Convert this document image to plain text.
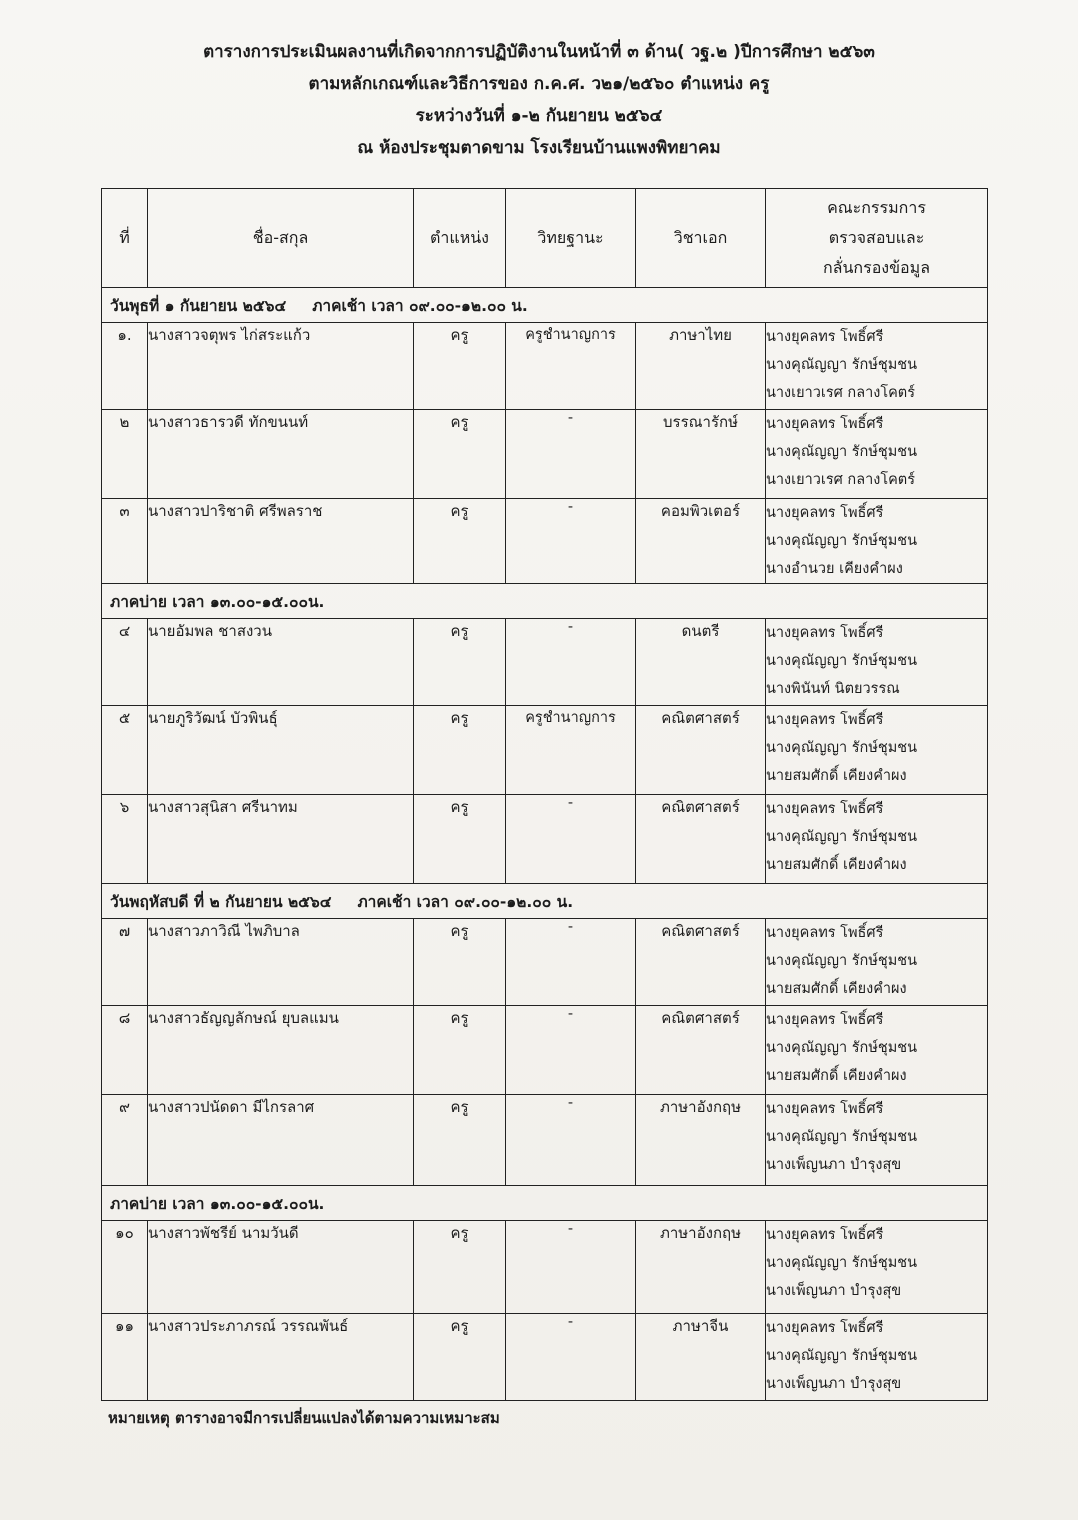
ตารางการประเมินผลงานที่เกิดจากการปฏิบัติงานในหน้าที่ ๓ ด้าน( วฐ.๒ )ปีการศึกษา ๒๕๖๓
ตามหลักเกณฑ์และวิธีการของ ก.ค.ศ. ว๒๑/๒๕๖๐ ตำแหน่ง ครู
ระหว่างวันที่ ๑-๒ กันยายน ๒๕๖๔
ณ ห้องประชุมตาดขาม โรงเรียนบ้านแพงพิทยาคม
ที่	ชื่อ-สกุล	ตำแหน่ง	วิทยฐานะ	วิชาเอก	คณะกรรมการ
ตรวจสอบและ
กลั่นกรองข้อมูล

วันพุธที่ ๑ กันยายน ๒๕๖๔ ภาคเช้า เวลา ๐๙.๐๐-๑๒.๐๐ น.					
๑.	นางสาวจตุพร ไก่สระแก้ว	ครู	ครูชำนาญการ	ภาษาไทย	นางยุคลทร โพธิ์ศรี
นางคุณัญญา รักษ์ชุมชน
นางเยาวเรศ กลางโคตร์

๒	นางสาวธารวดี ทักขนนท์	ครู	-	บรรณารักษ์	นางยุคลทร โพธิ์ศรี
นางคุณัญญา รักษ์ชุมชน
นางเยาวเรศ กลางโคตร์

๓	นางสาวปาริชาติ ศรีพลราช	ครู	-	คอมพิวเตอร์	นางยุคลทร โพธิ์ศรี
นางคุณัญญา รักษ์ชุมชน
นางอำนวย เคียงคำผง

ภาคบ่าย เวลา ๑๓.๐๐-๑๕.๐๐น.					
๔	นายอัมพล ชาสงวน	ครู	-	ดนตรี	นางยุคลทร โพธิ์ศรี
นางคุณัญญา รักษ์ชุมชน
นางพินันท์ นิตยวรรณ

๕	นายภูริวัฒน์ บัวพินธุ์	ครู	ครูชำนาญการ	คณิตศาสตร์	นางยุคลทร โพธิ์ศรี
นางคุณัญญา รักษ์ชุมชน
นายสมศักดิ์ เคียงคำผง

๖	นางสาวสุนิสา ศรีนาทม	ครู	-	คณิตศาสตร์	นางยุคลทร โพธิ์ศรี
นางคุณัญญา รักษ์ชุมชน
นายสมศักดิ์ เคียงคำผง

วันพฤหัสบดี ที่ ๒ กันยายน ๒๕๖๔ ภาคเช้า เวลา ๐๙.๐๐-๑๒.๐๐ น.					
๗	นางสาวภาวิณี ไพภิบาล	ครู	-	คณิตศาสตร์	นางยุคลทร โพธิ์ศรี
นางคุณัญญา รักษ์ชุมชน
นายสมศักดิ์ เคียงคำผง

๘	นางสาวธัญญลักษณ์ ยุบลแมน	ครู	-	คณิตศาสตร์	นางยุคลทร โพธิ์ศรี
นางคุณัญญา รักษ์ชุมชน
นายสมศักดิ์ เคียงคำผง

๙	นางสาวปนัดดา มีไกรลาศ	ครู	-	ภาษาอังกฤษ	นางยุคลทร โพธิ์ศรี
นางคุณัญญา รักษ์ชุมชน
นางเพ็ญนภา บำรุงสุข

ภาคบ่าย เวลา ๑๓.๐๐-๑๕.๐๐น.					
๑๐	นางสาวพัชรีย์ นามวันดี	ครู	-	ภาษาอังกฤษ	นางยุคลทร โพธิ์ศรี
นางคุณัญญา รักษ์ชุมชน
นางเพ็ญนภา บำรุงสุข

๑๑	นางสาวประภาภรณ์ วรรณพันธ์	ครู	-	ภาษาจีน	นางยุคลทร โพธิ์ศรี
นางคุณัญญา รักษ์ชุมชน
นางเพ็ญนภา บำรุงสุข
หมายเหตุ ตารางอาจมีการเปลี่ยนแปลงได้ตามความเหมาะสม
